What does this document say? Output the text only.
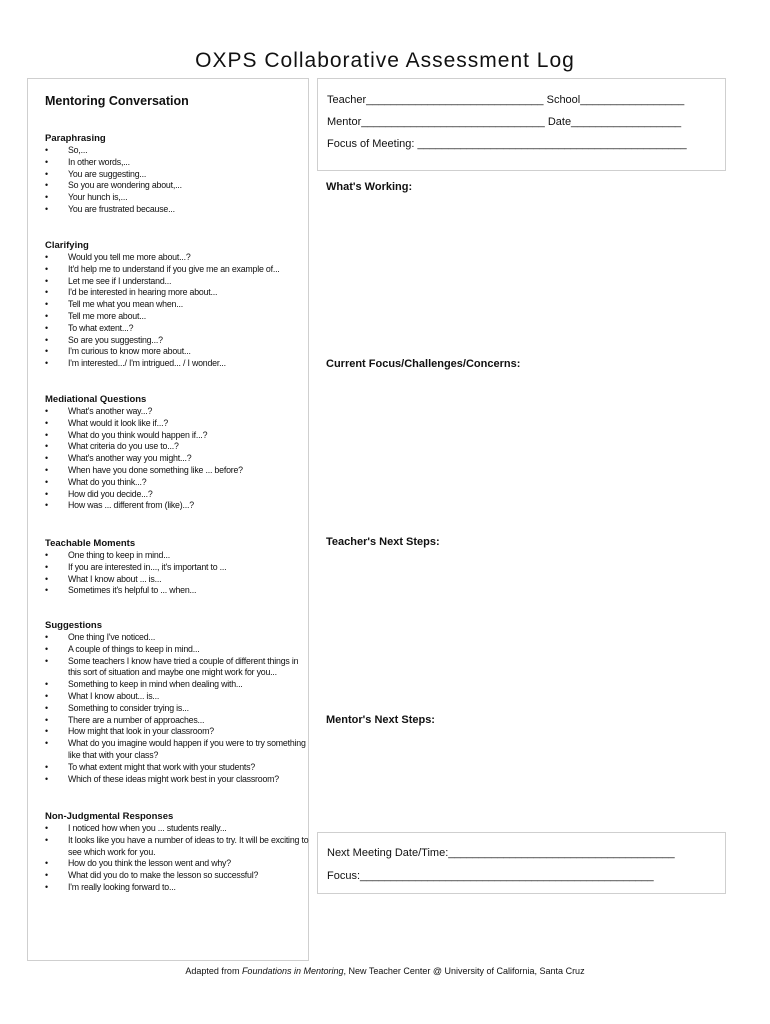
OXPS Collaborative Assessment Log
Mentoring Conversation
Paraphrasing
• So,...
• In other words,...
• You are suggesting...
• So you are wondering about,...
• Your hunch is,...
• You are frustrated because...
Clarifying
• Would you tell me more about...?
• It'd help me to understand if you give me an example of...
• Let me see if I understand...
• I'd be interested in hearing more about...
• Tell me what you mean when...
• Tell me more about...
• To what extent...?
• So are you suggesting...?
• I'm curious to know more about...
• I'm interested.../ I'm intrigued... / I wonder...
Mediational Questions
• What's another way...?
• What would it look like if...?
• What do you think would happen if...?
• What criteria do you use to...?
• What's another way you might...?
• When have you done something like ... before?
• What do you think...?
• How did you decide...?
• How was ... different from (like)...?
Teachable Moments
• One thing to keep in mind...
• If you are interested in..., it's important to ...
• What I know about ... is...
• Sometimes it's helpful to ... when...
Suggestions
• One thing I've noticed...
• A couple of things to keep in mind...
• Some teachers I know have tried a couple of different things in this sort of situation and maybe one might work for you...
• Something to keep in mind when dealing with...
• What I know about... is...
• Something to consider trying is...
• There are a number of approaches...
• How might that look in your classroom?
• What do you imagine would happen if you were to try something like that with your class?
• To what extent might that work with your students?
• Which of these ideas might work best in your classroom?
Non-Judgmental Responses
• I noticed how when you ... students really...
• It looks like you have a number of ideas to try. It will be exciting to see which work for you.
• How do you think the lesson went and why?
• What did you do to make the lesson so successful?
• I'm really looking forward to...
Teacher_____________________________ School_________________
Mentor______________________________ Date__________________
Focus of Meeting: ____________________________________________
What's Working:
Current Focus/Challenges/Concerns:
Teacher's Next Steps:
Mentor's Next Steps:
Next Meeting Date/Time:_____________________________________
Focus:________________________________________________
Adapted from Foundations in Mentoring, New Teacher Center @ University of California, Santa Cruz
